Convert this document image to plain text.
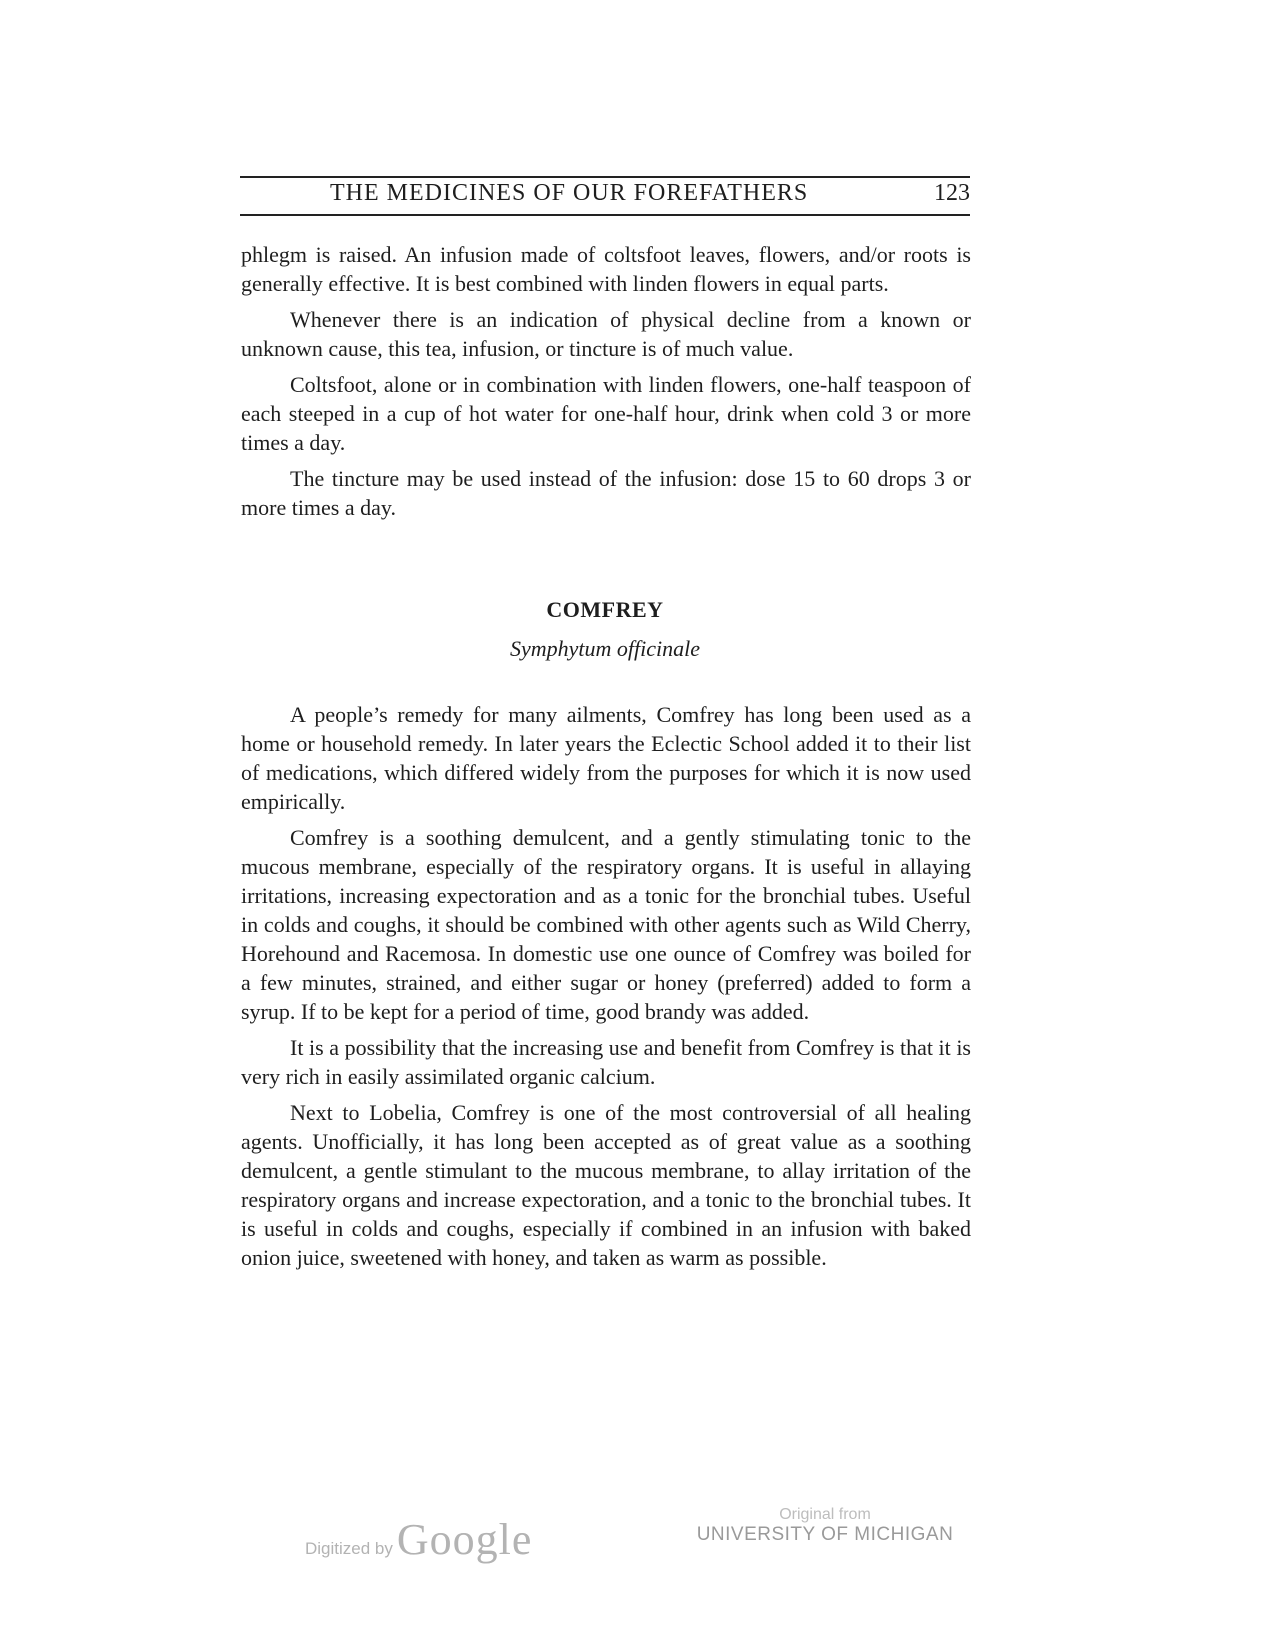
THE MEDICINES OF OUR FOREFATHERS	123

phlegm is raised. An infusion made of coltsfoot leaves, flowers, and/or roots is generally effective. It is best combined with linden flowers in equal parts.

Whenever there is an indication of physical decline from a known or unknown cause, this tea, infusion, or tincture is of much value.

Coltsfoot, alone or in combination with linden flowers, one-half teaspoon of each steeped in a cup of hot water for one-half hour, drink when cold 3 or more times a day.

The tincture may be used instead of the infusion: dose 15 to 60 drops 3 or more times a day.

COMFREY
Symphytum officinale

A people’s remedy for many ailments, Comfrey has long been used as a home or household remedy. In later years the Eclectic School added it to their list of medications, which differed widely from the purposes for which it is now used empirically.

Comfrey is a soothing demulcent, and a gently stimulating tonic to the mucous membrane, especially of the respiratory organs. It is useful in allaying irritations, increasing expectoration and as a tonic for the bronchial tubes. Useful in colds and coughs, it should be combined with other agents such as Wild Cherry, Horehound and Racemosa. In domestic use one ounce of Comfrey was boiled for a few minutes, strained, and either sugar or honey (preferred) added to form a syrup. If to be kept for a period of time, good brandy was added.

It is a possibility that the increasing use and benefit from Comfrey is that it is very rich in easily assimilated organic calcium.

Next to Lobelia, Comfrey is one of the most controversial of all healing agents. Unofficially, it has long been accepted as of great value as a soothing demulcent, a gentle stimulant to the mucous membrane, to allay irritation of the respiratory organs and increase expectoration, and a tonic to the bronchial tubes. It is useful in colds and coughs, especially if combined in an infusion with baked onion juice, sweetened with honey, and taken as warm as possible.

Digitized by Google
Original from
UNIVERSITY OF MICHIGAN
